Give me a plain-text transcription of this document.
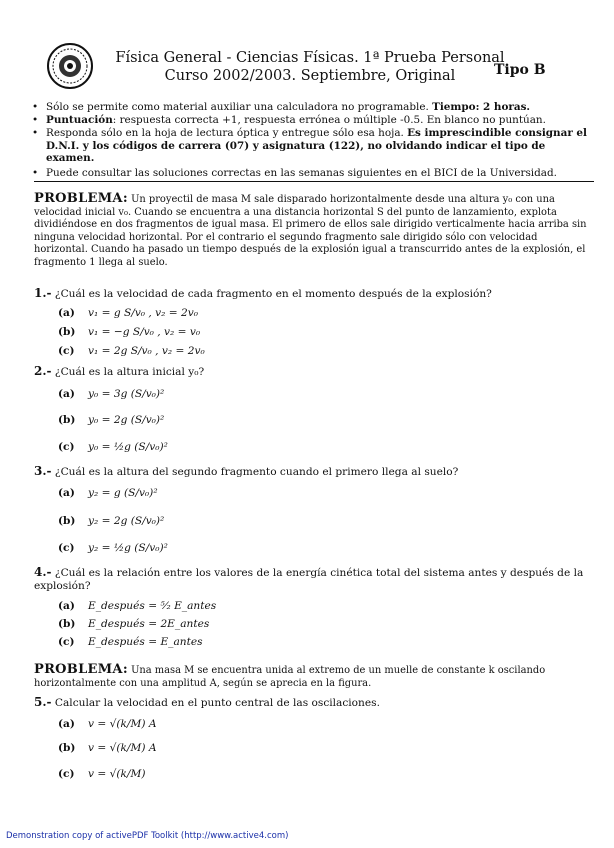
Física General - Ciencias Físicas. 1ª Prueba Personal
Curso 2002/2003. Septiembre, Original	Tipo B
• Sólo se permite como material auxiliar una calculadora no programable. Tiempo: 2 horas.
• Puntuación: respuesta correcta +1, respuesta errónea o múltiple -0.5. En blanco no puntúan.
• Responda sólo en la hoja de lectura óptica y entregue sólo esa hoja. Es imprescindible consignar el D.N.I. y los códigos de carrera (07) y asignatura (122), no olvidando indicar el tipo de examen.
• Puede consultar las soluciones correctas en las semanas siguientes en el BICI de la Universidad.
PROBLEMA: Un proyectil de masa M sale disparado horizontalmente desde una altura y₀ con una velocidad inicial v₀. Cuando se encuentra a una distancia horizontal S del punto de lanzamiento, explota dividiéndose en dos fragmentos de igual masa. El primero de ellos sale dirigido verticalmente hacia arriba sin ninguna velocidad horizontal. Por el contrario el segundo fragmento sale dirigido sólo con velocidad horizontal. Cuando ha pasado un tiempo después de la explosión igual a transcurrido antes de la explosión, el fragmento 1 llega al suelo.
1.- ¿Cuál es la velocidad de cada fragmento en el momento después de la explosión?
(a) v₁ = g S/v₀ , v₂ = 2v₀
(b) v₁ = −g S/v₀ , v₂ = v₀
(c) v₁ = 2g S/v₀ , v₂ = 2v₀
2.- ¿Cuál es la altura inicial y₀?
(a) y₀ = 3g (S/v₀)²
(b) y₀ = 2g (S/v₀)²
(c) y₀ = ½g (S/v₀)²
3.- ¿Cuál es la altura del segundo fragmento cuando el primero llega al suelo?
(a) y₂ = g (S/v₀)²
(b) y₂ = 2g (S/v₀)²
(c) y₂ = ½g (S/v₀)²
4.- ¿Cuál es la relación entre los valores de la energía cinética total del sistema antes y después de la explosión?
(a) E_después = ⁵⁄₂ E_antes
(b) E_después = 2E_antes
(c) E_después = E_antes
PROBLEMA: Una masa M se encuentra unida al extremo de un muelle de constante k oscilando horizontalmente con una amplitud A, según se aprecia en la figura.
5.- Calcular la velocidad en el punto central de las oscilaciones.
(a) v = √(k/M) A
(b) v = √(k/M) A
(c) v = √(k/M)
Demonstration copy of activePDF Toolkit (http://www.active4.com)
